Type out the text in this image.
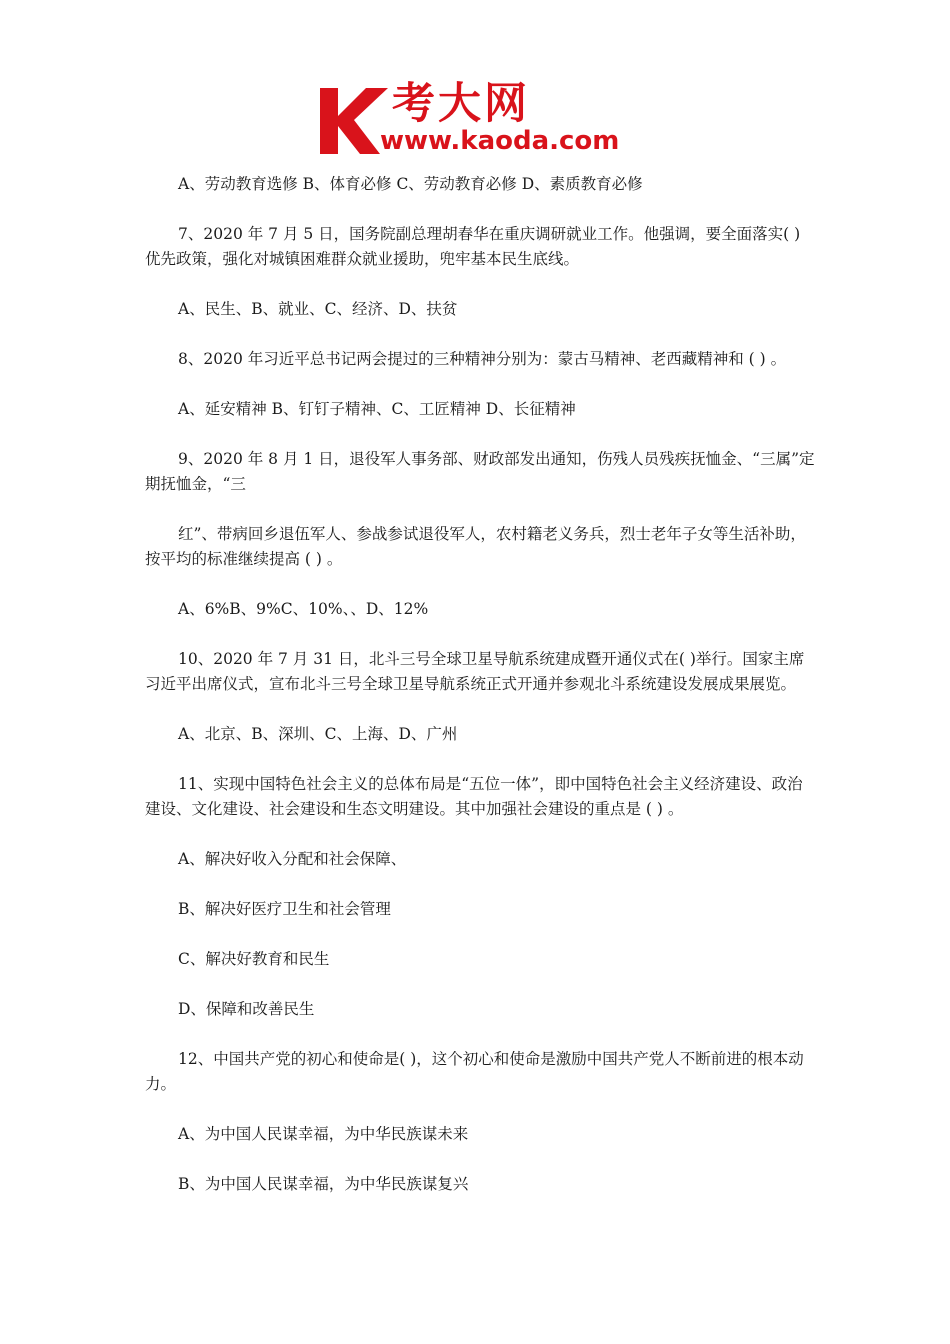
考大网
www.kaoda.com

A、劳动教育选修 B、体育必修 C、劳动教育必修 D、素质教育必修

7、2020 年 7 月 5 日，国务院副总理胡春华在重庆调研就业工作。他强调，要全面落实( ) 优先政策，强化对城镇困难群众就业援助，兜牢基本民生底线。

A、民生、B、就业、C、经济、D、扶贫

8、2020 年习近平总书记两会提过的三种精神分别为：蒙古马精神、老西藏精神和 ( ) 。

A、延安精神 B、钉钉子精神、C、工匠精神 D、长征精神

9、2020 年 8 月 1 日，退役军人事务部、财政部发出通知，伤残人员残疾抚恤金、“三属”定期抚恤金，“三

红”、带病回乡退伍军人、参战参试退役军人，农村籍老义务兵，烈士老年子女等生活补助，按平均的标准继续提高 ( ) 。

A、6%B、9%C、10%、、D、12%

10、2020 年 7 月 31 日，北斗三号全球卫星导航系统建成暨开通仪式在( )举行。国家主席习近平出席仪式，宣布北斗三号全球卫星导航系统正式开通并参观北斗系统建设发展成果展览。

A、北京、B、深圳、C、上海、D、广州

11、实现中国特色社会主义的总体布局是“五位一体”，即中国特色社会主义经济建设、政治建设、文化建设、社会建设和生态文明建设。其中加强社会建设的重点是 ( ) 。

A、解决好收入分配和社会保障、

B、解决好医疗卫生和社会管理

C、解决好教育和民生

D、保障和改善民生

12、中国共产党的初心和使命是( )，这个初心和使命是激励中国共产党人不断前进的根本动力。

A、为中国人民谋幸福，为中华民族谋未来

B、为中国人民谋幸福，为中华民族谋复兴
